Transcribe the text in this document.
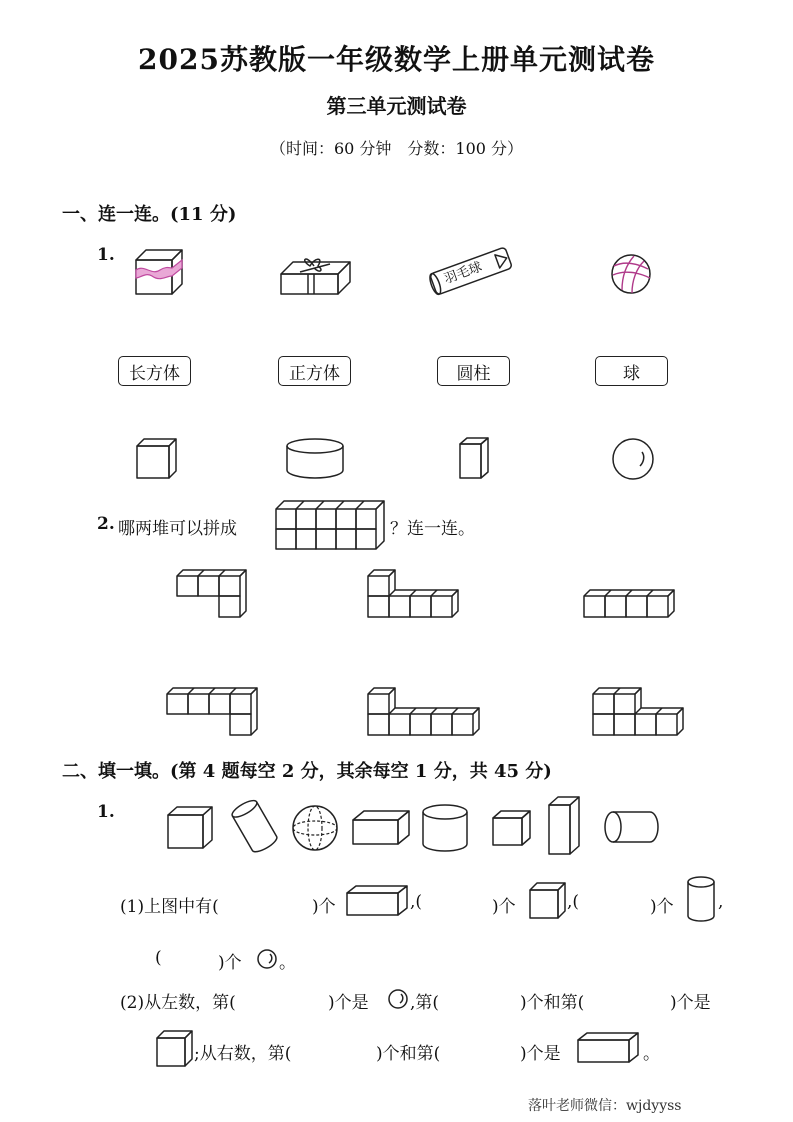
2025苏教版一年级数学上册单元测试卷
第三单元测试卷
（时间：60 分钟　分数：100 分）
一、连一连。(11 分)
1.
羽毛球
长方体	正方体	圆柱	球
2. 哪两堆可以拼成	？连一连。
二、填一填。(第 4 题每空 2 分，其余每空 1 分，共 45 分)
1.
(1)上图中有(	)个	,(	)个	,(	)个	,
(	)个 。
(2)从左数，第(	)个是 ,第(	)个和第(	)个是
;从右数，第(	)个和第(	)个是	。
落叶老师微信：wjdyyss
